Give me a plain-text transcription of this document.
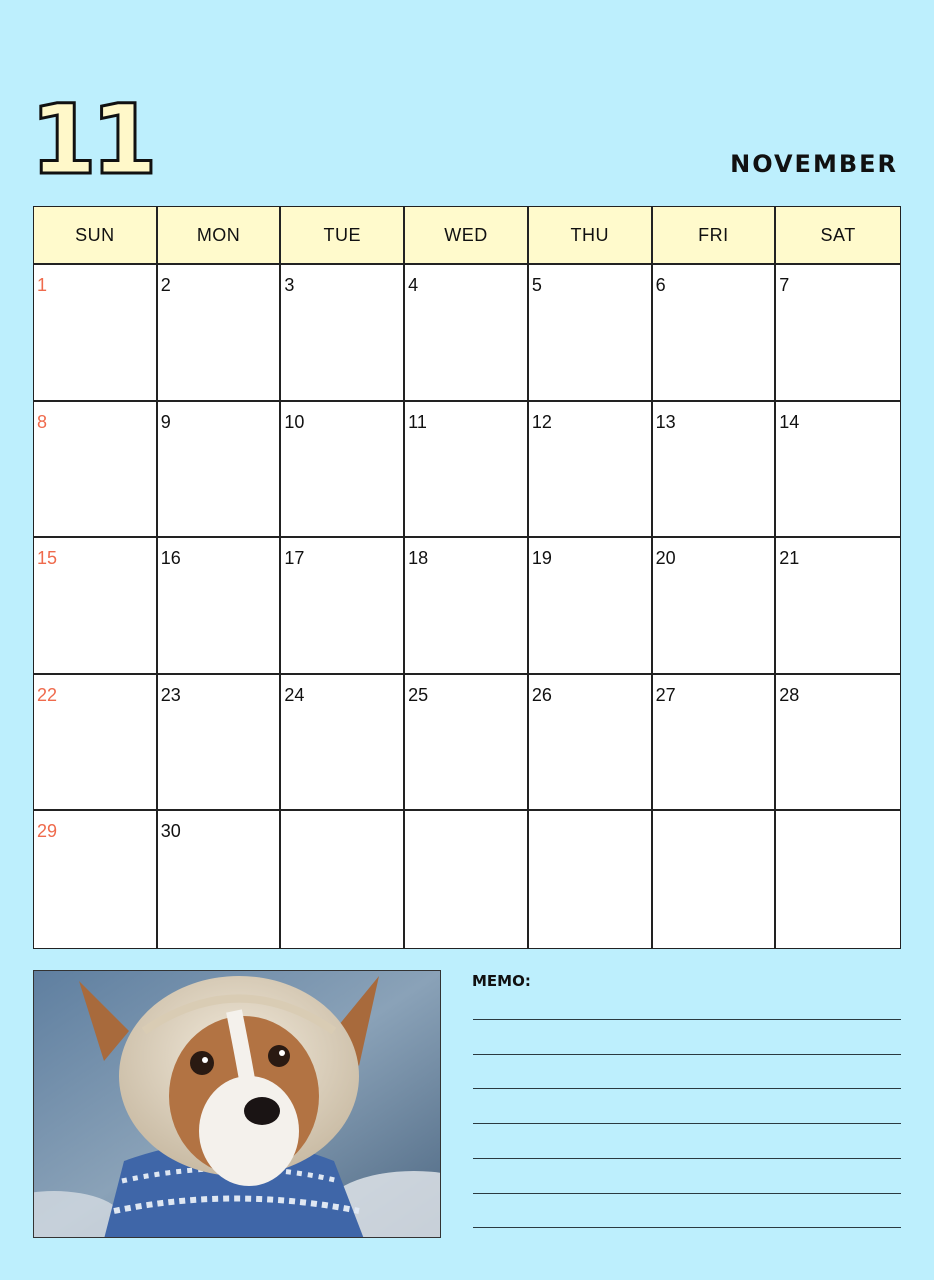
11	NOVEMBER
SUN	MON	TUE	WED	THU	FRI	SAT
1	2	3	4	5	6	7
8	9	10	11	12	13	14
15	16	17	18	19	20	21
22	23	24	25	26	27	28
29	30
MEMO:
